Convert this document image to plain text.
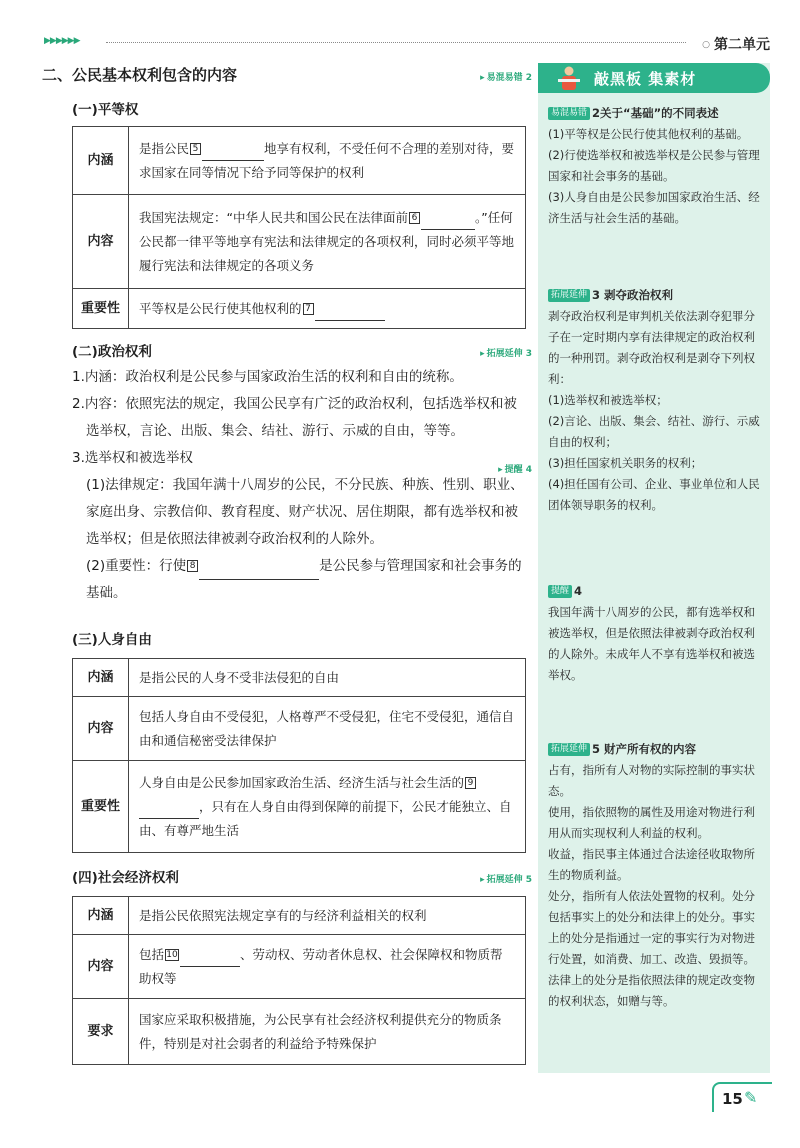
▶▶▶▶▶▶	○ 第二单元
二、公民基本权利包含的内容	▸ 易混易错 2
(一)平等权
内涵	是指公民 5 地享有权利，不受任何不合理的差别对待，要求国家在同等情况下给予同等保护的权利
内容	我国宪法规定：“中华人民共和国公民在法律面前 6 。”任何公民都一律平等地享有宪法和法律规定的各项权利，同时必须平等地履行宪法和法律规定的各项义务
重要性	平等权是公民行使其他权利的 7
(二)政治权利	▸ 拓展延伸 3
1.内涵：政治权利是公民参与国家政治生活的权利和自由的统称。
2.内容：依照宪法的规定，我国公民享有广泛的政治权利，包括选举权和被选举权，言论、出版、集会、结社、游行、示威的自由，等等。
3.选举权和被选举权
(1)法律规定：我国年满十八周岁的公民，不分民族、种族、性别、职业、家庭出身、宗教信仰、教育程度、财产状况、居住期限，都有选举权和被选举权；但是依照法律被剥夺政治权利的人除外。
(2)重要性：行使 8	是公民参与管理国家和社会事务的基础。
▸ 提醒 4
(三)人身自由
内涵	是指公民的人身不受非法侵犯的自由
内容	包括人身自由不受侵犯，人格尊严不受侵犯，住宅不受侵犯，通信自由和通信秘密受法律保护
重要性	人身自由是公民参加国家政治生活、经济生活与社会生活的 9，只有在人身自由得到保障的前提下，公民才能独立、自由、有尊严地生活
(四)社会经济权利	▸ 拓展延伸 5
内涵	是指公民依照宪法规定享有的与经济利益相关的权利
内容	包括 10 、劳动权、劳动者休息权、社会保障权和物质帮助权等
要求	国家应采取积极措施，为公民享有社会经济权利提供充分的物质条件，特别是对社会弱者的利益给予特殊保护
敲黑板 集素材
易混易错 2关于“基础”的不同表述
(1)平等权是公民行使其他权利的基础。
(2)行使选举权和被选举权是公民参与管理国家和社会事务的基础。
(3)人身自由是公民参加国家政治生活、经济生活与社会生活的基础。
拓展延伸 3 剥夺政治权利
剥夺政治权利是审判机关依法剥夺犯罪分子在一定时期内享有法律规定的政治权利的一种刑罚。剥夺政治权利是剥夺下列权利：
(1)选举权和被选举权；
(2)言论、出版、集会、结社、游行、示威自由的权利；
(3)担任国家机关职务的权利；
(4)担任国有公司、企业、事业单位和人民团体领导职务的权利。
提醒 4
我国年满十八周岁的公民，都有选举权和被选举权，但是依照法律被剥夺政治权利的人除外。未成年人不享有选举权和被选举权。
拓展延伸 5 财产所有权的内容
占有，指所有人对物的实际控制的事实状态。
使用，指依照物的属性及用途对物进行利用从而实现权利人利益的权利。
收益，指民事主体通过合法途径收取物所生的物质利益。
处分，指所有人依法处置物的权利。处分包括事实上的处分和法律上的处分。事实上的处分是指通过一定的事实行为对物进行处置，如消费、加工、改造、毁损等。法律上的处分是指依照法律的规定改变物的权利状态，如赠与等。
15 ✎
